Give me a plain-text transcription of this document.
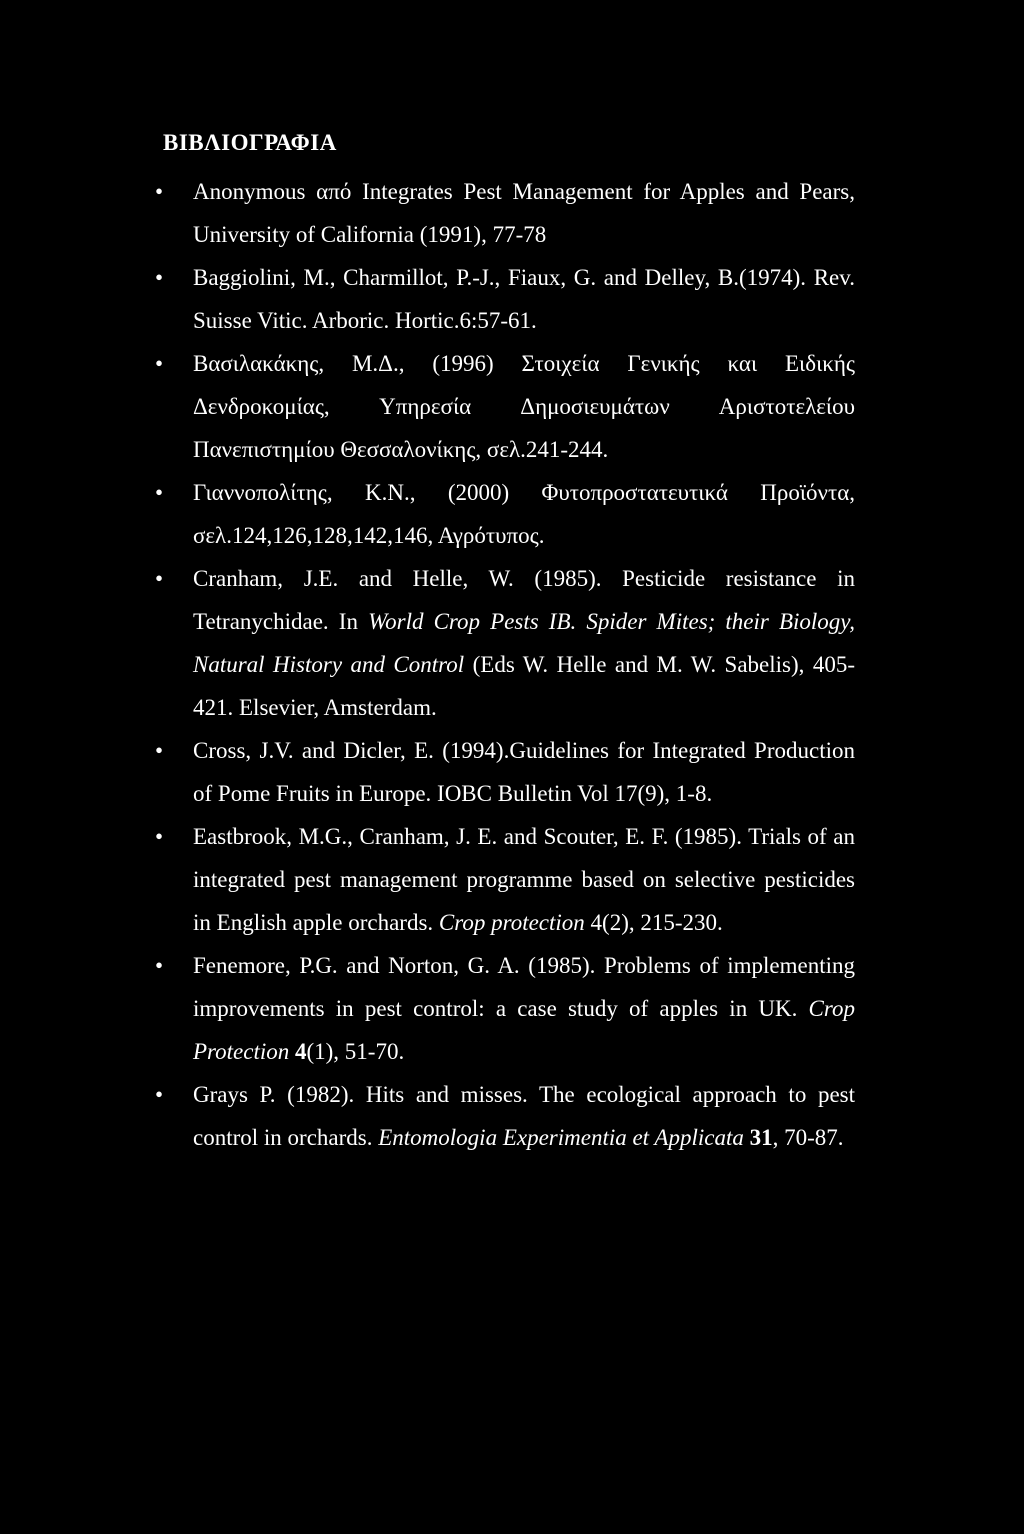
ΒΙΒΛΙΟΓΡΑΦΙΑ
• Anonymous από Integrates Pest Management for Apples and Pears, University of California (1991), 77-78
• Baggiolini, M., Charmillot, P.-J., Fiaux, G. and Delley, B.(1974). Rev. Suisse Vitic. Arboric. Hortic.6:57-61.
• Βασιλακάκης, Μ.Δ., (1996) Στοιχεία Γενικής και Ειδικής Δενδροκομίας, Υπηρεσία Δημοσιευμάτων Αριστοτελείου Πανεπιστημίου Θεσσαλονίκης, σελ.241-244.
• Γιαννοπολίτης, Κ.Ν., (2000) Φυτοπροστατευτικά Προϊόντα, σελ.124,126,128,142,146, Αγρότυπος.
• Cranham, J.E. and Helle, W. (1985). Pesticide resistance in Tetranychidae. In World Crop Pests IB. Spider Mites; their Biology, Natural History and Control (Eds W. Helle and M. W. Sabelis), 405-421. Elsevier, Amsterdam.
• Cross, J.V. and Dicler, E. (1994).Guidelines for Integrated Production of Pome Fruits in Europe. IOBC Bulletin Vol 17(9), 1-8.
• Eastbrook, M.G., Cranham, J. E. and Scouter, E. F. (1985). Trials of an integrated pest management programme based on selective pesticides in English apple orchards. Crop protection 4(2), 215-230.
• Fenemore, P.G. and Norton, G. A. (1985). Problems of implementing improvements in pest control: a case study of apples in UK. Crop Protection 4(1), 51-70.
• Grays P. (1982). Hits and misses. The ecological approach to pest control in orchards. Entomologia Experimentia et Applicata 31, 70-87.
